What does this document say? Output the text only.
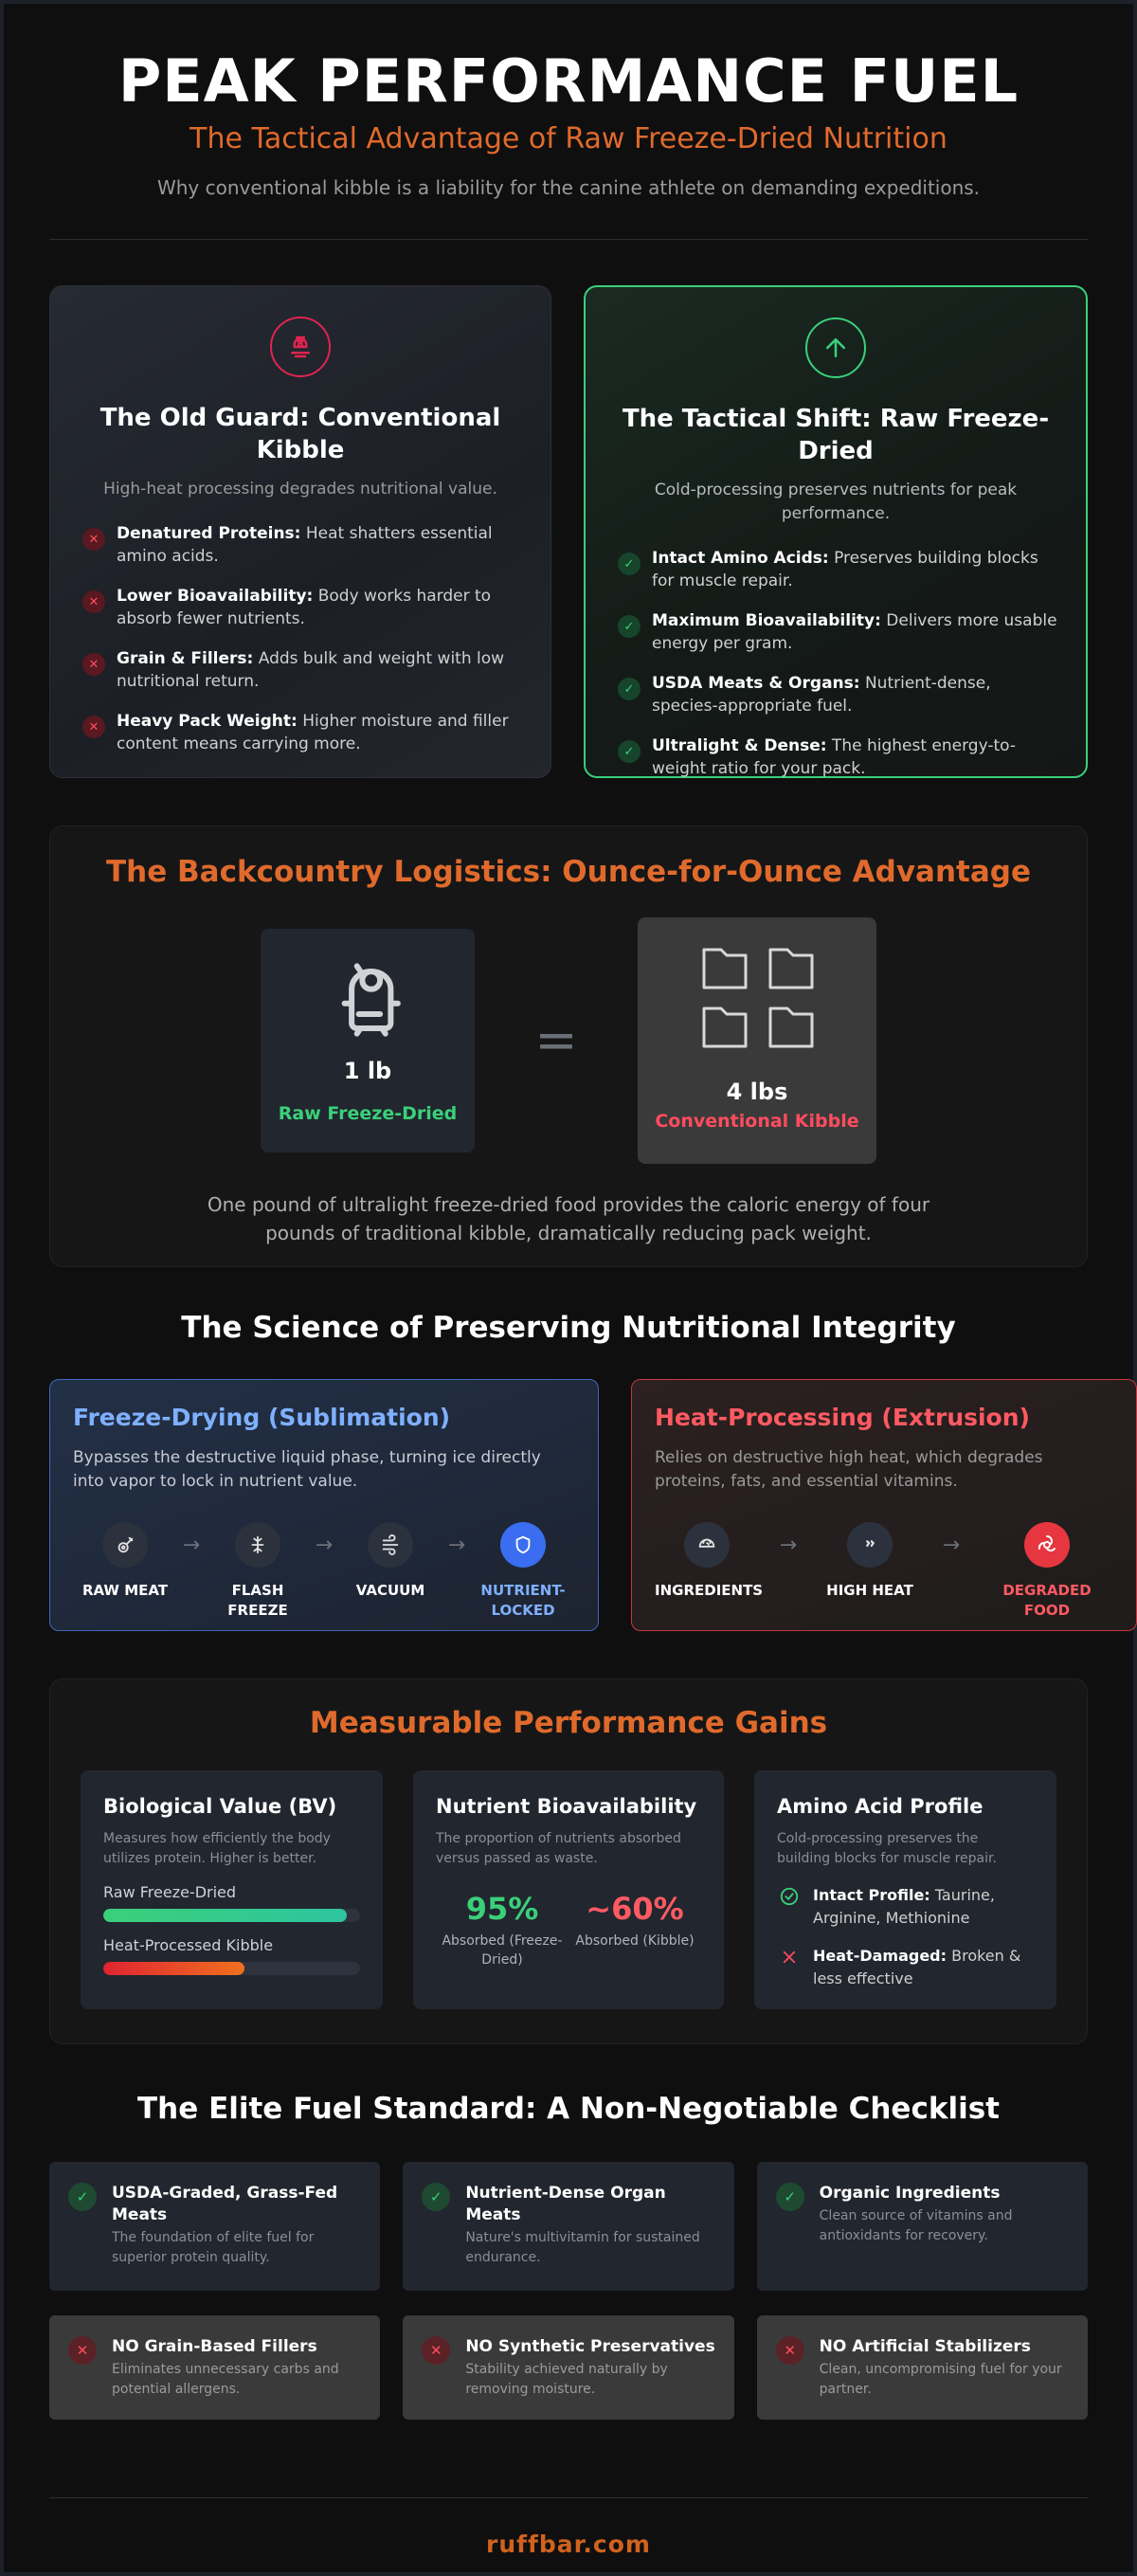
PEAK PERFORMANCE FUEL
The Tactical Advantage of Raw Freeze-Dried Nutrition

Why conventional kibble is a liability for the canine athlete on demanding expeditions.

The Old Guard: Conventional Kibble
High-heat processing degrades nutritional value.
✕	Denatured Proteins: Heat shatters essential amino acids.
✕	Lower Bioavailability: Body works harder to absorb fewer nutrients.
✕	Grain & Fillers: Adds bulk and weight with low nutritional return.
✕	Heavy Pack Weight: Higher moisture and filler content means carrying more.
The Tactical Shift: Raw Freeze-Dried
Cold-processing preserves nutrients for peak performance.
✓	Intact Amino Acids: Preserves building blocks for muscle repair.
✓	Maximum Bioavailability: Delivers more usable energy per gram.
✓	USDA Meats & Organs: Nutrient-dense, species-appropriate fuel.
✓	Ultralight & Dense: The highest energy-to-weight ratio for your pack.
The Backcountry Logistics: Ounce-for-Ounce Advantage
1 lb
Raw Freeze-Dried
=
4 lbs
Conventional Kibble

One pound of ultralight freeze-dried food provides the caloric energy of four pounds of traditional kibble, dramatically reducing pack weight.

The Science of Preserving Nutritional Integrity
Freeze-Drying (Sublimation)
Bypasses the destructive liquid phase, turning ice directly into vapor to lock in nutrient value.
RAW MEAT
→
FLASH FREEZE
→
VACUUM
→
NUTRIENT-LOCKED
Heat-Processing (Extrusion)
Relies on destructive high heat, which degrades proteins, fats, and essential vitamins.
INGREDIENTS
→
HIGH HEAT
→
DEGRADED FOOD
Measurable Performance Gains
Biological Value (BV)
Measures how efficiently the body utilizes protein. Higher is better.
Raw Freeze-Dried
Heat-Processed Kibble
Nutrient Bioavailability
The proportion of nutrients absorbed versus passed as waste.
95%
Absorbed (Freeze-Dried)
~60%
Absorbed (Kibble)
Amino Acid Profile
Cold-processing preserves the building blocks for muscle repair.
Intact Profile: Taurine, Arginine, Methionine
Heat-Damaged: Broken & less effective
The Elite Fuel Standard: A Non-Negotiable Checklist
✓	USDA-Graded, Grass-Fed Meats
The foundation of elite fuel for superior protein quality.
✓	Nutrient-Dense Organ Meats
Nature's multivitamin for sustained endurance.
✓	Organic Ingredients
Clean source of vitamins and antioxidants for recovery.
✕	NO Grain-Based Fillers
Eliminates unnecessary carbs and potential allergens.
✕	NO Synthetic Preservatives
Stability achieved naturally by removing moisture.
✕	NO Artificial Stabilizers
Clean, uncompromising fuel for your partner.
ruffbar.com
